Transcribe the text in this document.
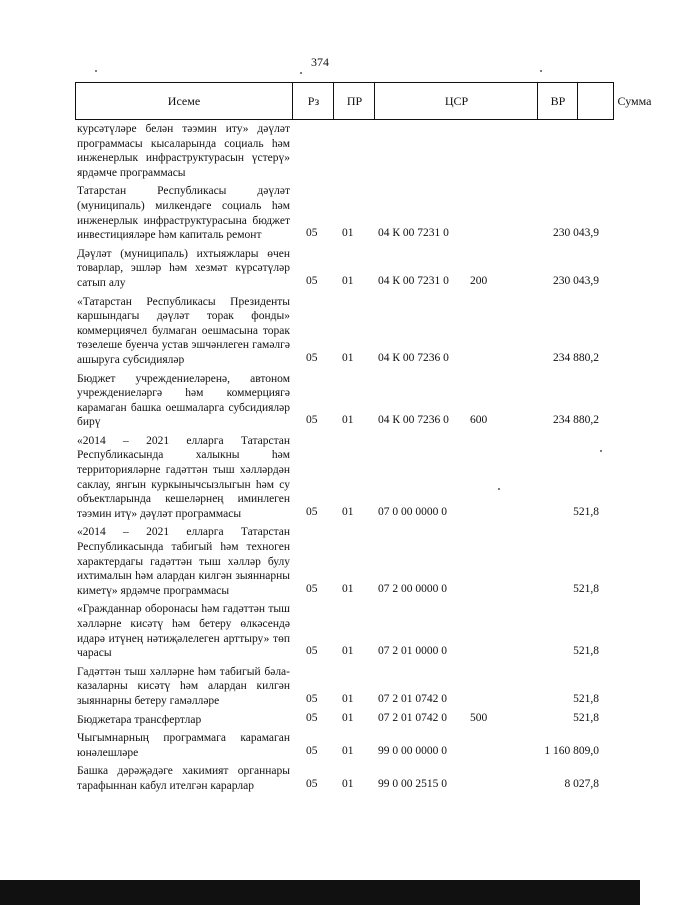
374
Исеме	Рз	ПР	ЦСР	ВР	Сумма
курсәтүләре белән тәэмин иту» дәүләт программасы кысаларында социаль һәм инженерлык инфраструктурасын үстерү» ярдәмче программасы
Татарстан Республикасы дәүләт (муниципаль) милкендәге социаль һәм инженерлык инфраструктурасына бюджет инвестицияләре һәм капиталь ремонт	05 01 04 К 00 7231 0	230 043,9
Дәүләт (муниципаль) ихтыяжлары өчен товарлар, эшләр һәм хезмәт күрсәтүләр сатып алу	05 01 04 К 00 7231 0 200	230 043,9
«Татарстан Республикасы Президенты каршындагы дәүләт торак фонды» коммерциячел булмаган оешмасына торак төзелеше буенча устав эшчәнлеген гамәлгә ашыруга субсидияләр	05 01 04 К 00 7236 0	234 880,2
Бюджет учреждениеләренә, автоном учреждениеләргә һәм коммерциягә карамаган башка оешмаларга субсидияләр бирү	05 01 04 К 00 7236 0 600	234 880,2
«2014 – 2021 елларга Татарстан Республикасында халыкны һәм территорияләрне гадәттән тыш хәлләрдән саклау, янгын куркынычсызлыгын һәм су объектларында кешеләрнең иминлеген тәэмин итү» дәүләт программасы	05 01 07 0 00 0000 0	521,8
«2014 – 2021 елларга Татарстан Республикасында табигый һәм техноген характердагы гадәттән тыш хәлләр булу ихтималын һәм алардан килгән зыяннарны киметү» ярдәмче программасы	05 01 07 2 00 0000 0	521,8
«Гражданнар оборонасы һәм гадәттән тыш хәлләрне кисәтү һәм бетеру өлкәсендә идарә итүнең нәтиҗәлелеген арттыру» төп чарасы	05 01 07 2 01 0000 0	521,8
Гадәттән тыш хәлләрне һәм табигый бәла-казаларны кисәтү һәм алардан килгән зыяннарны бетеру гамәлләре	05 01 07 2 01 0742 0	521,8
Бюджетара трансфертлар	05 01 07 2 01 0742 0 500	521,8
Чыгымнарның программага карамаган юнәлешләре	05 01 99 0 00 0000 0	1 160 809,0
Башка дәрәҗәдәге хакимият органнары тарафыннан кабул ителгән карарлар	05 01 99 0 00 2515 0	8 027,8
